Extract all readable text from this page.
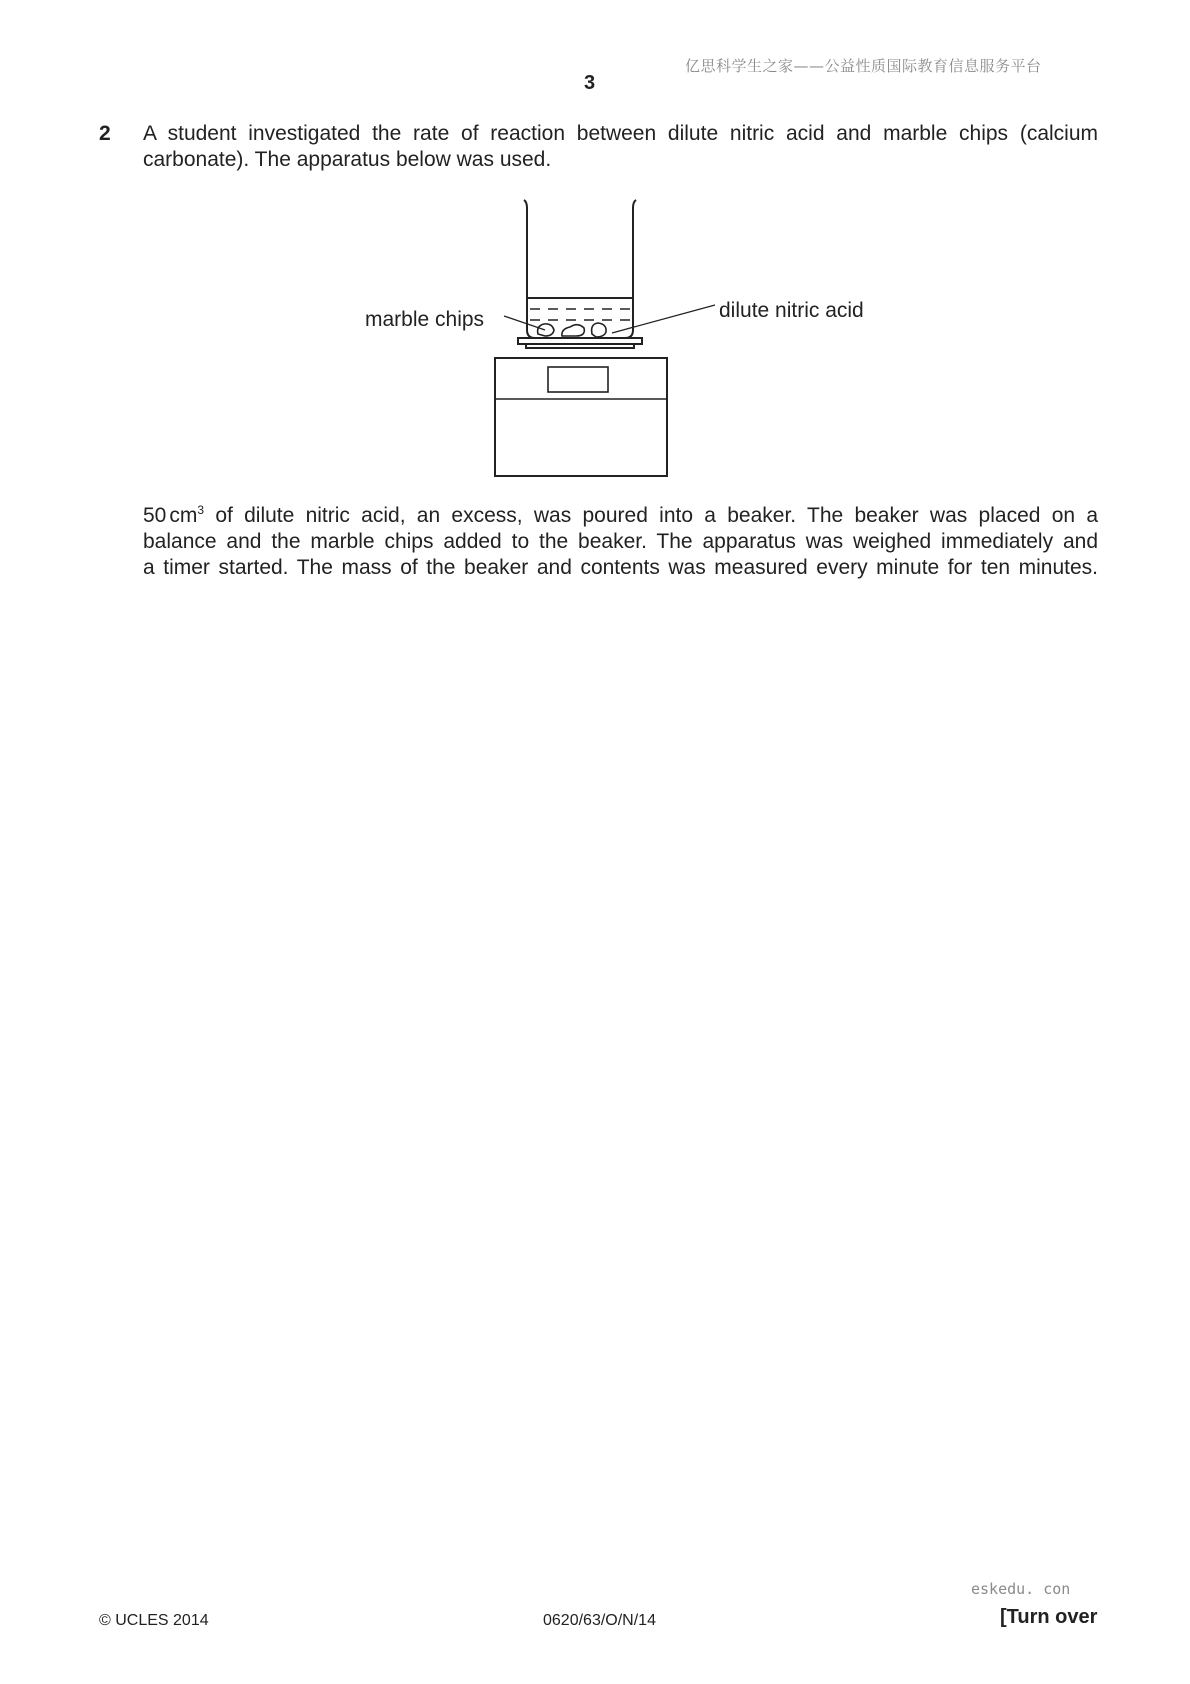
亿思科学生之家——公益性质国际教育信息服务平台
3
2 A student investigated the rate of reaction between dilute nitric acid and marble chips (calcium
carbonate). The apparatus below was used.
marble chips	dilute nitric acid
50 $cm^3$ of dilute nitric acid, an excess, was poured into a beaker. The beaker was placed on a
balance and the marble chips added to the beaker. The apparatus was weighed immediately and
a timer started. The mass of the beaker and contents was measured every minute for ten minutes.
eskedu. con
© UCLES 2014	0620/63/O/N/14	[Turn over
